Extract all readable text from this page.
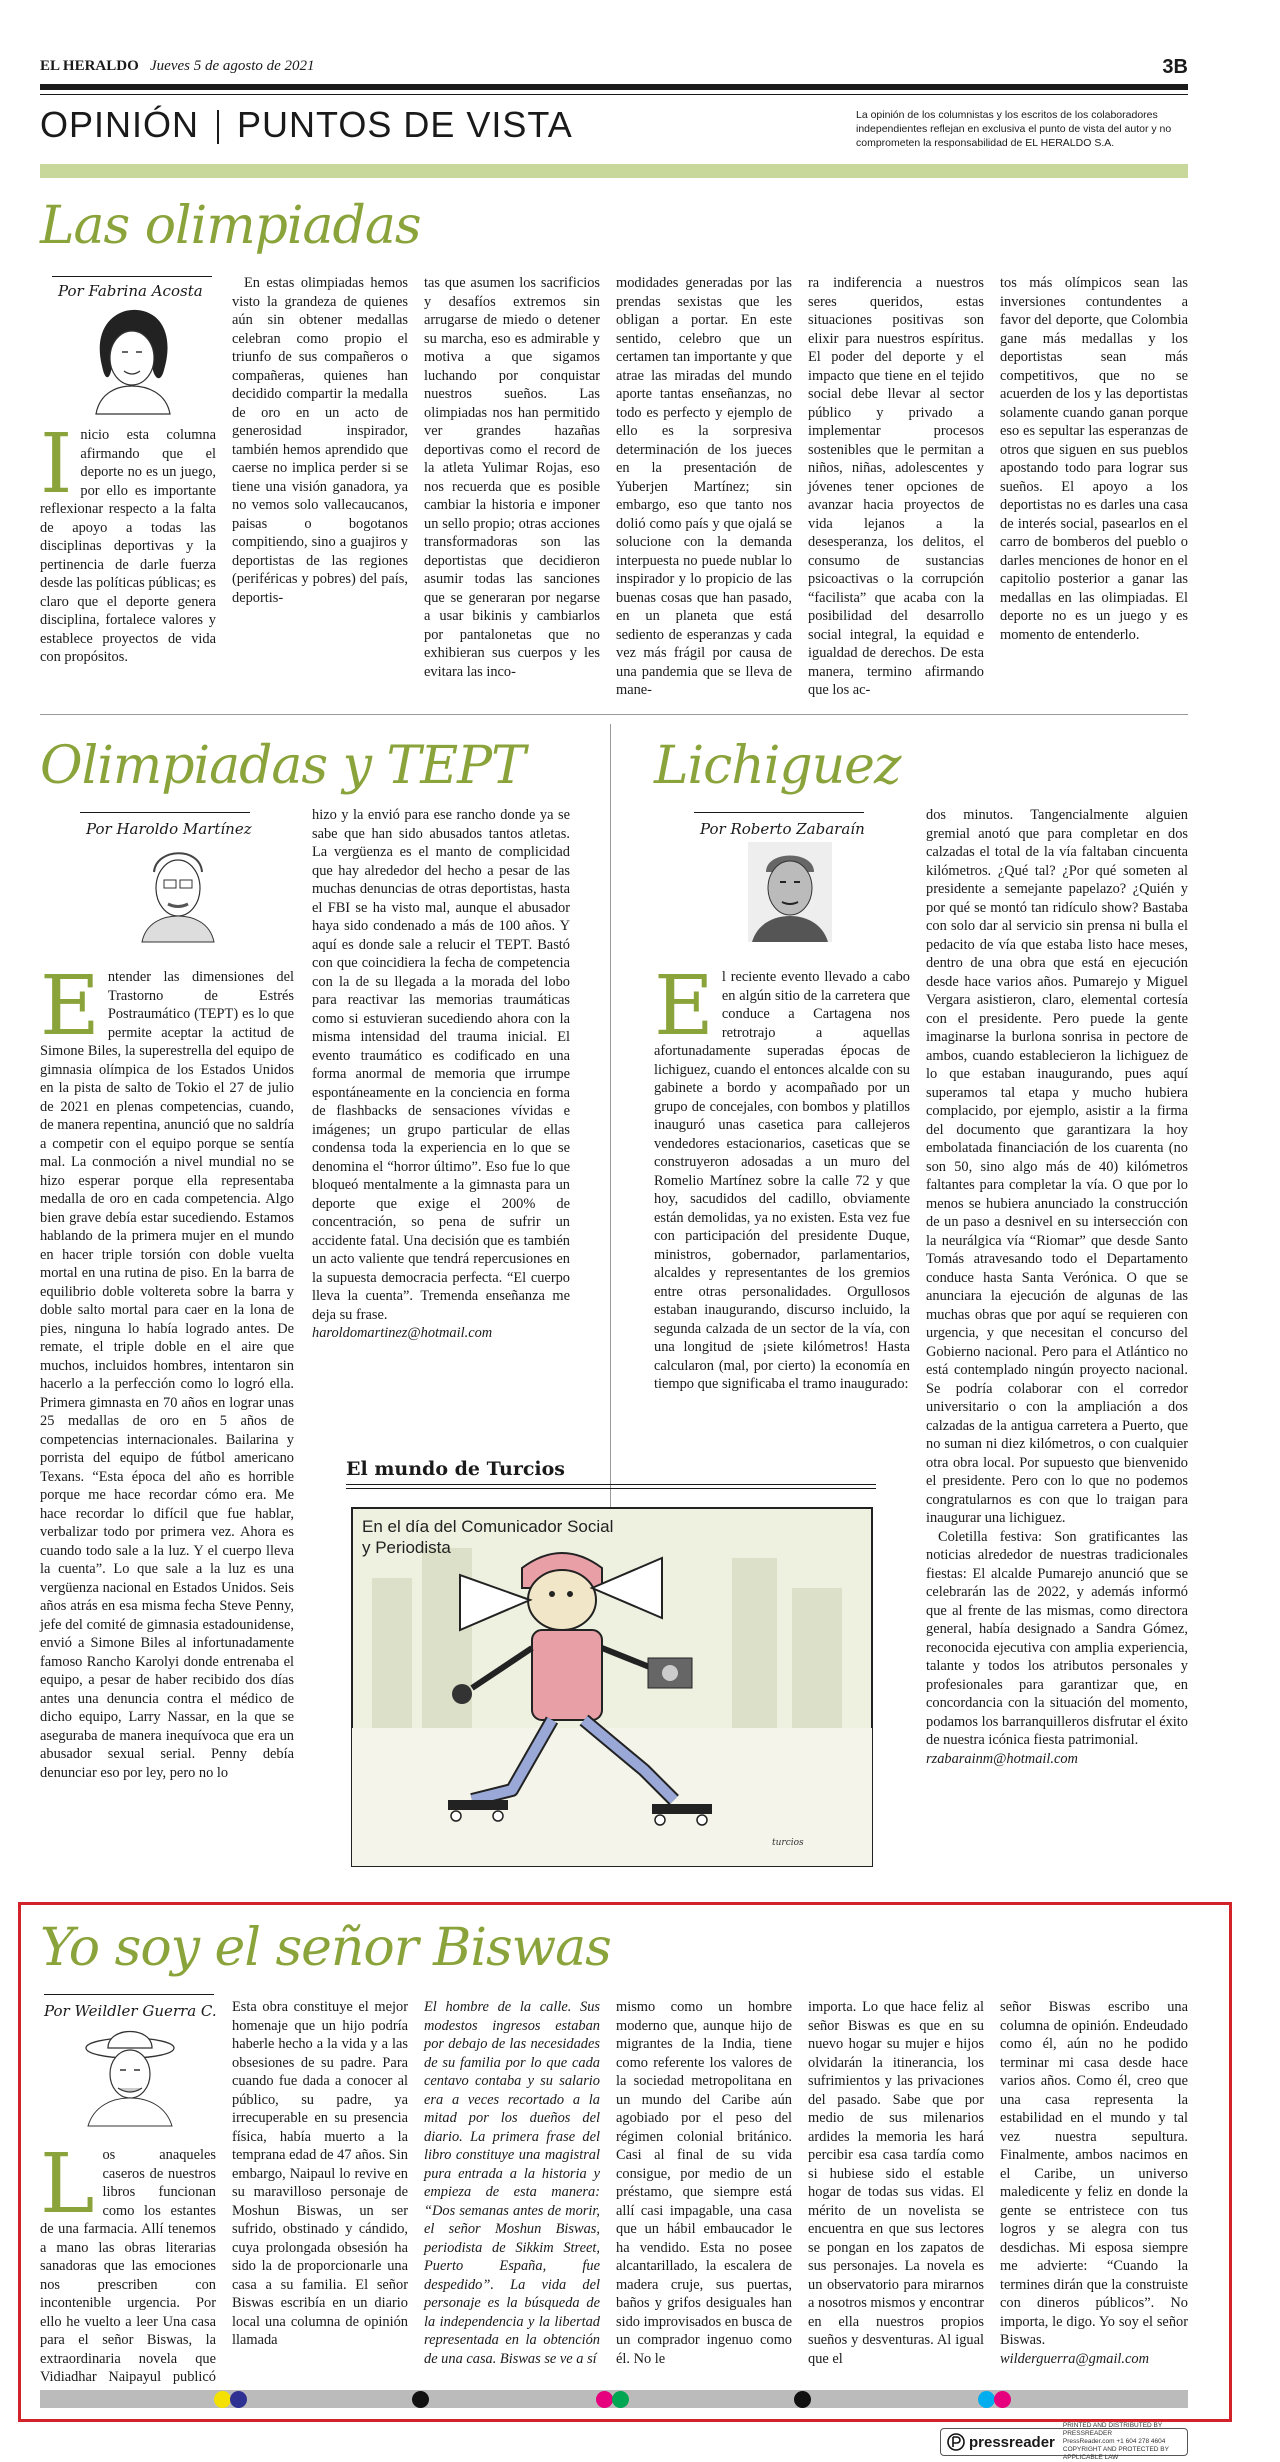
EL HERALDO Jueves 5 de agosto de 2021	3B
OPINIÓN PUNTOS DE VISTA	La opinión de los columnistas y los escritos de los colaboradores independientes reflejan en exclusiva el punto de vista del autor y no comprometen la responsabilidad de EL HERALDO S.A.
Las olimpiadas
Por Fabrina Acosta
I nicio esta columna afirmando que el deporte no es un juego, por ello es importante reflexionar respecto a la falta de apoyo a todas las disciplinas deportivas y la pertinencia de darle fuerza desde las políticas públicas; es claro que el deporte genera disciplina, fortalece valores y establece proyectos de vida con propósitos.

En estas olimpiadas hemos visto la grandeza de quienes aún sin obtener medallas celebran como propio el triunfo de sus compañeros o compañeras, quienes han decidido compartir la medalla de oro en un acto de generosidad inspirador, también hemos aprendido que caerse no implica perder si se tiene una visión ganadora, ya no vemos solo vallecaucanos, paisas o bogotanos compitiendo, sino a guajiros y deportistas de las regiones (periféricas y pobres) del país, deportis-

tas que asumen los sacrificios y desafíos extremos sin arrugarse de miedo o detener su marcha, eso es admirable y motiva a que sigamos luchando por conquistar nuestros sueños. Las olimpiadas nos han permitido ver grandes hazañas deportivas como el record de la atleta Yulimar Rojas, eso nos recuerda que es posible cambiar la historia e imponer un sello propio; otras acciones transformadoras son las deportistas que decidieron asumir todas las sanciones que se generaran por negarse a usar bikinis y cambiarlos por pantalonetas que no exhibieran sus cuerpos y les evitara las inco-

modidades generadas por las prendas sexistas que les obligan a portar. En este sentido, celebro que un certamen tan importante y que atrae las miradas del mundo aporte tantas enseñanzas, no todo es perfecto y ejemplo de ello es la sorpresiva determinación de los jueces en la presentación de Yuberjen Martínez; sin embargo, eso que tanto nos dolió como país y que ojalá se solucione con la demanda interpuesta no puede nublar lo inspirador y lo propicio de las buenas cosas que han pasado, en un planeta que está sediento de esperanzas y cada vez más frágil por causa de una pandemia que se lleva de mane-

ra indiferencia a nuestros seres queridos, estas situaciones positivas son elixir para nuestros espíritus. El poder del deporte y el impacto que tiene en el tejido social debe llevar al sector público y privado a implementar procesos sostenibles que le permitan a niños, niñas, adolescentes y jóvenes tener opciones de avanzar hacia proyectos de vida lejanos a la desesperanza, los delitos, el consumo de sustancias psicoactivas o la corrupción “facilista” que acaba con la posibilidad del desarrollo social integral, la equidad e igualdad de derechos. De esta manera, termino afirmando que los ac-

tos más olímpicos sean las inversiones contundentes a favor del deporte, que Colombia gane más medallas y los deportistas sean más competitivos, que no se acuerden de los y las deportistas solamente cuando ganan porque eso es sepultar las esperanzas de otros que siguen en sus pueblos apostando todo para lograr sus sueños. El apoyo a los deportistas no es darles una casa de interés social, pasearlos en el carro de bomberos del pueblo o darles menciones de honor en el capitolio posterior a ganar las medallas en las olimpiadas. El deporte no es un juego y es momento de entenderlo.

Olimpiadas y TEPT
Por Haroldo Martínez
E ntender las dimensiones del Trastorno de Estrés Postraumático (TEPT) es lo que permite aceptar la actitud de Simone Biles, la superestrella del equipo de gimnasia olímpica de los Estados Unidos en la pista de salto de Tokio el 27 de julio de 2021 en plenas competencias, cuando, de manera repentina, anunció que no saldría a competir con el equipo porque se sentía mal. La conmoción a nivel mundial no se hizo esperar porque ella representaba medalla de oro en cada competencia. Algo bien grave debía estar sucediendo. Estamos hablando de la primera mujer en el mundo en hacer triple torsión con doble vuelta mortal en una rutina de piso. En la barra de equilibrio doble voltereta sobre la barra y doble salto mortal para caer en la lona de pies, ninguna lo había logrado antes. De remate, el triple doble en el aire que muchos, incluidos hombres, intentaron sin hacerlo a la perfección como lo logró ella. Primera gimnasta en 70 años en lograr unas 25 medallas de oro en 5 años de competencias internacionales. Bailarina y porrista del equipo de fútbol americano Texans. “Esta época del año es horrible porque me hace recordar cómo era. Me hace recordar lo difícil que fue hablar, verbalizar todo por primera vez. Ahora es cuando todo sale a la luz. Y el cuerpo lleva la cuenta”. Lo que sale a la luz es una vergüenza nacional en Estados Unidos. Seis años atrás en esa misma fecha Steve Penny, jefe del comité de gimnasia estadounidense, envió a Simone Biles al infortunadamente famoso Rancho Karolyi donde entrenaba el equipo, a pesar de haber recibido dos días antes una denuncia contra el médico de dicho equipo, Larry Nassar, en la que se aseguraba de manera inequívoca que era un abusador sexual serial. Penny debía denunciar eso por ley, pero no lo

hizo y la envió para ese rancho donde ya se sabe que han sido abusados tantos atletas. La vergüenza es el manto de complicidad que hay alrededor del hecho a pesar de las muchas denuncias de otras deportistas, hasta el FBI se ha visto mal, aunque el abusador haya sido condenado a más de 100 años. Y aquí es donde sale a relucir el TEPT. Bastó con que coincidiera la fecha de competencia con la de su llegada a la morada del lobo para reactivar las memorias traumáticas como si estuvieran sucediendo ahora con la misma intensidad del trauma inicial. El evento traumático es codificado en una forma anormal de memoria que irrumpe espontáneamente en la conciencia en forma de flashbacks de sensaciones vívidas e imágenes; un grupo particular de ellas condensa toda la experiencia en lo que se denomina el “horror último”. Eso fue lo que bloqueó mentalmente a la gimnasta para un deporte que exige el 200% de concentración, so pena de sufrir un accidente fatal. Una decisión que es también un acto valiente que tendrá repercusiones en la supuesta democracia perfecta. “El cuerpo lleva la cuenta”. Tremenda enseñanza me deja su frase.

haroldomartinez@hotmail.com

Lichiguez
Por Roberto Zabaraín
E l reciente evento llevado a cabo en algún sitio de la carretera que conduce a Cartagena nos retrotrajo a aquellas afortunadamente superadas épocas de lichiguez, cuando el entonces alcalde con su gabinete a bordo y acompañado por un grupo de concejales, con bombos y platillos inauguró unas casetica para callejeros vendedores estacionarios, caseticas que se construyeron adosadas a un muro del Romelio Martínez sobre la calle 72 y que hoy, sacudidos del cadillo, obviamente están demolidas, ya no existen. Esta vez fue con participación del presidente Duque, ministros, gobernador, parlamentarios, alcaldes y representantes de los gremios entre otras personalidades. Orgullosos estaban inaugurando, discurso incluido, la segunda calzada de un sector de la vía, con una longitud de ¡siete kilómetros! Hasta calcularon (mal, por cierto) la economía en tiempo que significaba el tramo inaugurado:

dos minutos. Tangencialmente alguien gremial anotó que para completar en dos calzadas el total de la vía faltaban cincuenta kilómetros. ¿Qué tal? ¿Por qué someten al presidente a semejante papelazo? ¿Quién y por qué se montó tan ridículo show? Bastaba con solo dar al servicio sin prensa ni bulla el pedacito de vía que estaba listo hace meses, dentro de una obra que está en ejecución desde hace varios años. Pumarejo y Miguel Vergara asistieron, claro, elemental cortesía con el presidente. Pero puede la gente imaginarse la burlona sonrisa in pectore de ambos, cuando establecieron la lichiguez de lo que estaban inaugurando, pues aquí superamos tal etapa y mucho hubiera complacido, por ejemplo, asistir a la firma del documento que garantizara la hoy embolatada financiación de los cuarenta (no son 50, sino algo más de 40) kilómetros faltantes para completar la vía. O que por lo menos se hubiera anunciado la construcción de un paso a desnivel en su intersección con la neurálgica vía “Riomar” que desde Santo Tomás atravesando todo el Departamento conduce hasta Santa Verónica. O que se anunciara la ejecución de algunas de las muchas obras que por aquí se requieren con urgencia, y que necesitan el concurso del Gobierno nacional. Pero para el Atlántico no está contemplado ningún proyecto nacional. Se podría colaborar con el corredor universitario o con la ampliación a dos calzadas de la antigua carretera a Puerto, que no suman ni diez kilómetros, o con cualquier otra obra local. Por supuesto que bienvenido el presidente. Pero con lo que no podemos congratularnos es con que lo traigan para inaugurar una lichiguez.

Coletilla festiva: Son gratificantes las noticias alrededor de nuestras tradicionales fiestas: El alcalde Pumarejo anunció que se celebrarán las de 2022, y además informó que al frente de las mismas, como directora general, había designado a Sandra Gómez, reconocida ejecutiva con amplia experiencia, talante y todos los atributos personales y profesionales para garantizar que, en concordancia con la situación del momento, podamos los barranquilleros disfrutar el éxito de nuestra icónica fiesta patrimonial.

rzabarainm@hotmail.com

El mundo de Turcios
En el día del Comunicador Social y Periodista
turcios
Yo soy el señor Biswas
Por Weildler Guerra C.
L os anaqueles caseros de nuestros libros funcionan como los estantes de una farmacia. Allí tenemos a mano las obras literarias sanadoras que las emociones nos prescriben con incontenible urgencia. Por ello he vuelto a leer Una casa para el señor Biswas, la extraordinaria novela que Vidiadhar Naipayul publicó

Esta obra constituye el mejor homenaje que un hijo podría haberle hecho a la vida y a las obsesiones de su padre. Para cuando fue dada a conocer al público, su padre, ya irrecuperable en su presencia física, había muerto a la temprana edad de 47 años. Sin embargo, Naipaul lo revive en su maravilloso personaje de Moshun Biswas, un ser sufrido, obstinado y cándido, cuya prolongada obsesión ha sido la de proporcionarle una casa a su familia. El señor Biswas escribía en un diario local una columna de opinión llamada

El hombre de la calle. Sus modestos ingresos estaban por debajo de las necesidades de su familia por lo que cada centavo contaba y su salario era a veces recortado a la mitad por los dueños del diario. La primera frase del libro constituye una magistral pura entrada a la historia y empieza de esta manera: “Dos semanas antes de morir, el señor Moshun Biswas, periodista de Sikkim Street, Puerto España, fue despedido”. La vida del personaje es la búsqueda de la independencia y la libertad representada en la obtención de una casa. Biswas se ve a sí

mismo como un hombre moderno que, aunque hijo de migrantes de la India, tiene como referente los valores de la sociedad metropolitana en un mundo del Caribe aún agobiado por el peso del régimen colonial británico. Casi al final de su vida consigue, por medio de un préstamo, que siempre está allí casi impagable, una casa que un hábil embaucador le ha vendido. Esta no posee alcantarillado, la escalera de madera cruje, sus puertas, baños y grifos desiguales han sido improvisados en busca de un comprador ingenuo como él. No le

importa. Lo que hace feliz al señor Biswas es que en su nuevo hogar su mujer e hijos olvidarán la itinerancia, los sufrimientos y las privaciones del pasado. Sabe que por medio de sus milenarios ardides la memoria les hará percibir esa casa tardía como si hubiese sido el estable hogar de todas sus vidas. El mérito de un novelista se encuentra en que sus lectores se pongan en los zapatos de sus personajes. La novela es un observatorio para mirarnos a nosotros mismos y encontrar en ella nuestros propios sueños y desventuras. Al igual que el

señor Biswas escribo una columna de opinión. Endeudado como él, aún no he podido terminar mi casa desde hace varios años. Como él, creo que una casa representa la estabilidad en el mundo y tal vez nuestra sepultura. Finalmente, ambos nacimos en el Caribe, un universo maledicente y feliz en donde la gente se entristece con tus logros y se alegra con tus desdichas. Mi esposa siempre me advierte: “Cuando la termines dirán que la construiste con dineros públicos”. No importa, le digo. Yo soy el señor Biswas.

wilderguerra@gmail.com

pressreader
PRINTED AND DISTRIBUTED BY PRESSREADER
PressReader.com +1 604 278 4604
COPYRIGHT AND PROTECTED BY APPLICABLE LAW
